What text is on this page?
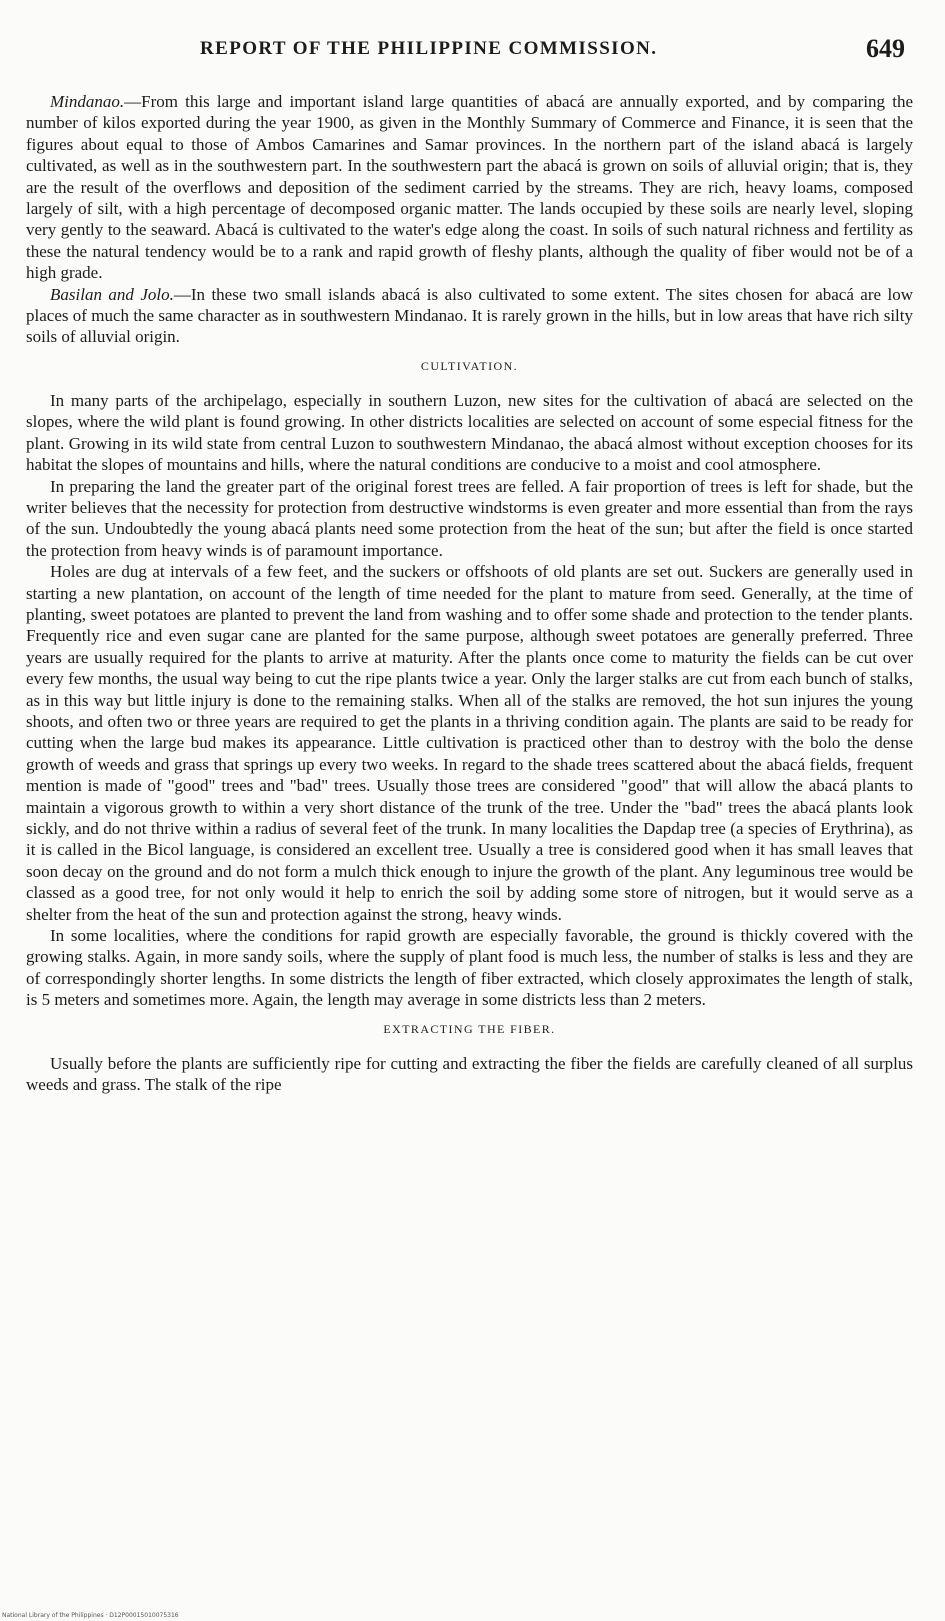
REPORT OF THE PHILIPPINE COMMISSION.	649

Mindanao.—From this large and important island large quantities of abacá are annually exported, and by comparing the number of kilos exported during the year 1900, as given in the Monthly Summary of Commerce and Finance, it is seen that the figures about equal to those of Ambos Camarines and Samar provinces. In the northern part of the island abacá is largely cultivated, as well as in the southwestern part. In the southwestern part the abacá is grown on soils of alluvial origin; that is, they are the result of the overflows and deposition of the sediment carried by the streams. They are rich, heavy loams, composed largely of silt, with a high percentage of decomposed organic matter. The lands occupied by these soils are nearly level, sloping very gently to the seaward. Abacá is cultivated to the water's edge along the coast. In soils of such natural richness and fertility as these the natural tendency would be to a rank and rapid growth of fleshy plants, although the quality of fiber would not be of a high grade.

Basilan and Jolo.—In these two small islands abacá is also cultivated to some extent. The sites chosen for abacá are low places of much the same character as in southwestern Mindanao. It is rarely grown in the hills, but in low areas that have rich silty soils of alluvial origin.

CULTIVATION.

In many parts of the archipelago, especially in southern Luzon, new sites for the cultivation of abacá are selected on the slopes, where the wild plant is found growing. In other districts localities are selected on account of some especial fitness for the plant. Growing in its wild state from central Luzon to southwestern Mindanao, the abacá almost without exception chooses for its habitat the slopes of mountains and hills, where the natural conditions are conducive to a moist and cool atmosphere.

In preparing the land the greater part of the original forest trees are felled. A fair proportion of trees is left for shade, but the writer believes that the necessity for protection from destructive windstorms is even greater and more essential than from the rays of the sun. Undoubtedly the young abacá plants need some protection from the heat of the sun; but after the field is once started the protection from heavy winds is of paramount importance.

Holes are dug at intervals of a few feet, and the suckers or offshoots of old plants are set out. Suckers are generally used in starting a new plantation, on account of the length of time needed for the plant to mature from seed. Generally, at the time of planting, sweet potatoes are planted to prevent the land from washing and to offer some shade and protection to the tender plants. Frequently rice and even sugar cane are planted for the same purpose, although sweet potatoes are generally preferred. Three years are usually required for the plants to arrive at maturity. After the plants once come to maturity the fields can be cut over every few months, the usual way being to cut the ripe plants twice a year. Only the larger stalks are cut from each bunch of stalks, as in this way but little injury is done to the remaining stalks. When all of the stalks are removed, the hot sun injures the young shoots, and often two or three years are required to get the plants in a thriving condition again. The plants are said to be ready for cutting when the large bud makes its appearance. Little cultivation is practiced other than to destroy with the bolo the dense growth of weeds and grass that springs up every two weeks. In regard to the shade trees scattered about the abacá fields, frequent mention is made of "good" trees and "bad" trees. Usually those trees are considered "good" that will allow the abacá plants to maintain a vigorous growth to within a very short distance of the trunk of the tree. Under the "bad" trees the abacá plants look sickly, and do not thrive within a radius of several feet of the trunk. In many localities the Dapdap tree (a species of Erythrina), as it is called in the Bicol language, is considered an excellent tree. Usually a tree is considered good when it has small leaves that soon decay on the ground and do not form a mulch thick enough to injure the growth of the plant. Any leguminous tree would be classed as a good tree, for not only would it help to enrich the soil by adding some store of nitrogen, but it would serve as a shelter from the heat of the sun and protection against the strong, heavy winds.

In some localities, where the conditions for rapid growth are especially favorable, the ground is thickly covered with the growing stalks. Again, in more sandy soils, where the supply of plant food is much less, the number of stalks is less and they are of correspondingly shorter lengths. In some districts the length of fiber extracted, which closely approximates the length of stalk, is 5 meters and sometimes more. Again, the length may average in some districts less than 2 meters.

EXTRACTING THE FIBER.

Usually before the plants are sufficiently ripe for cutting and extracting the fiber the fields are carefully cleaned of all surplus weeds and grass. The stalk of the ripe

National Library of the Philippines · D12P00015010075316
